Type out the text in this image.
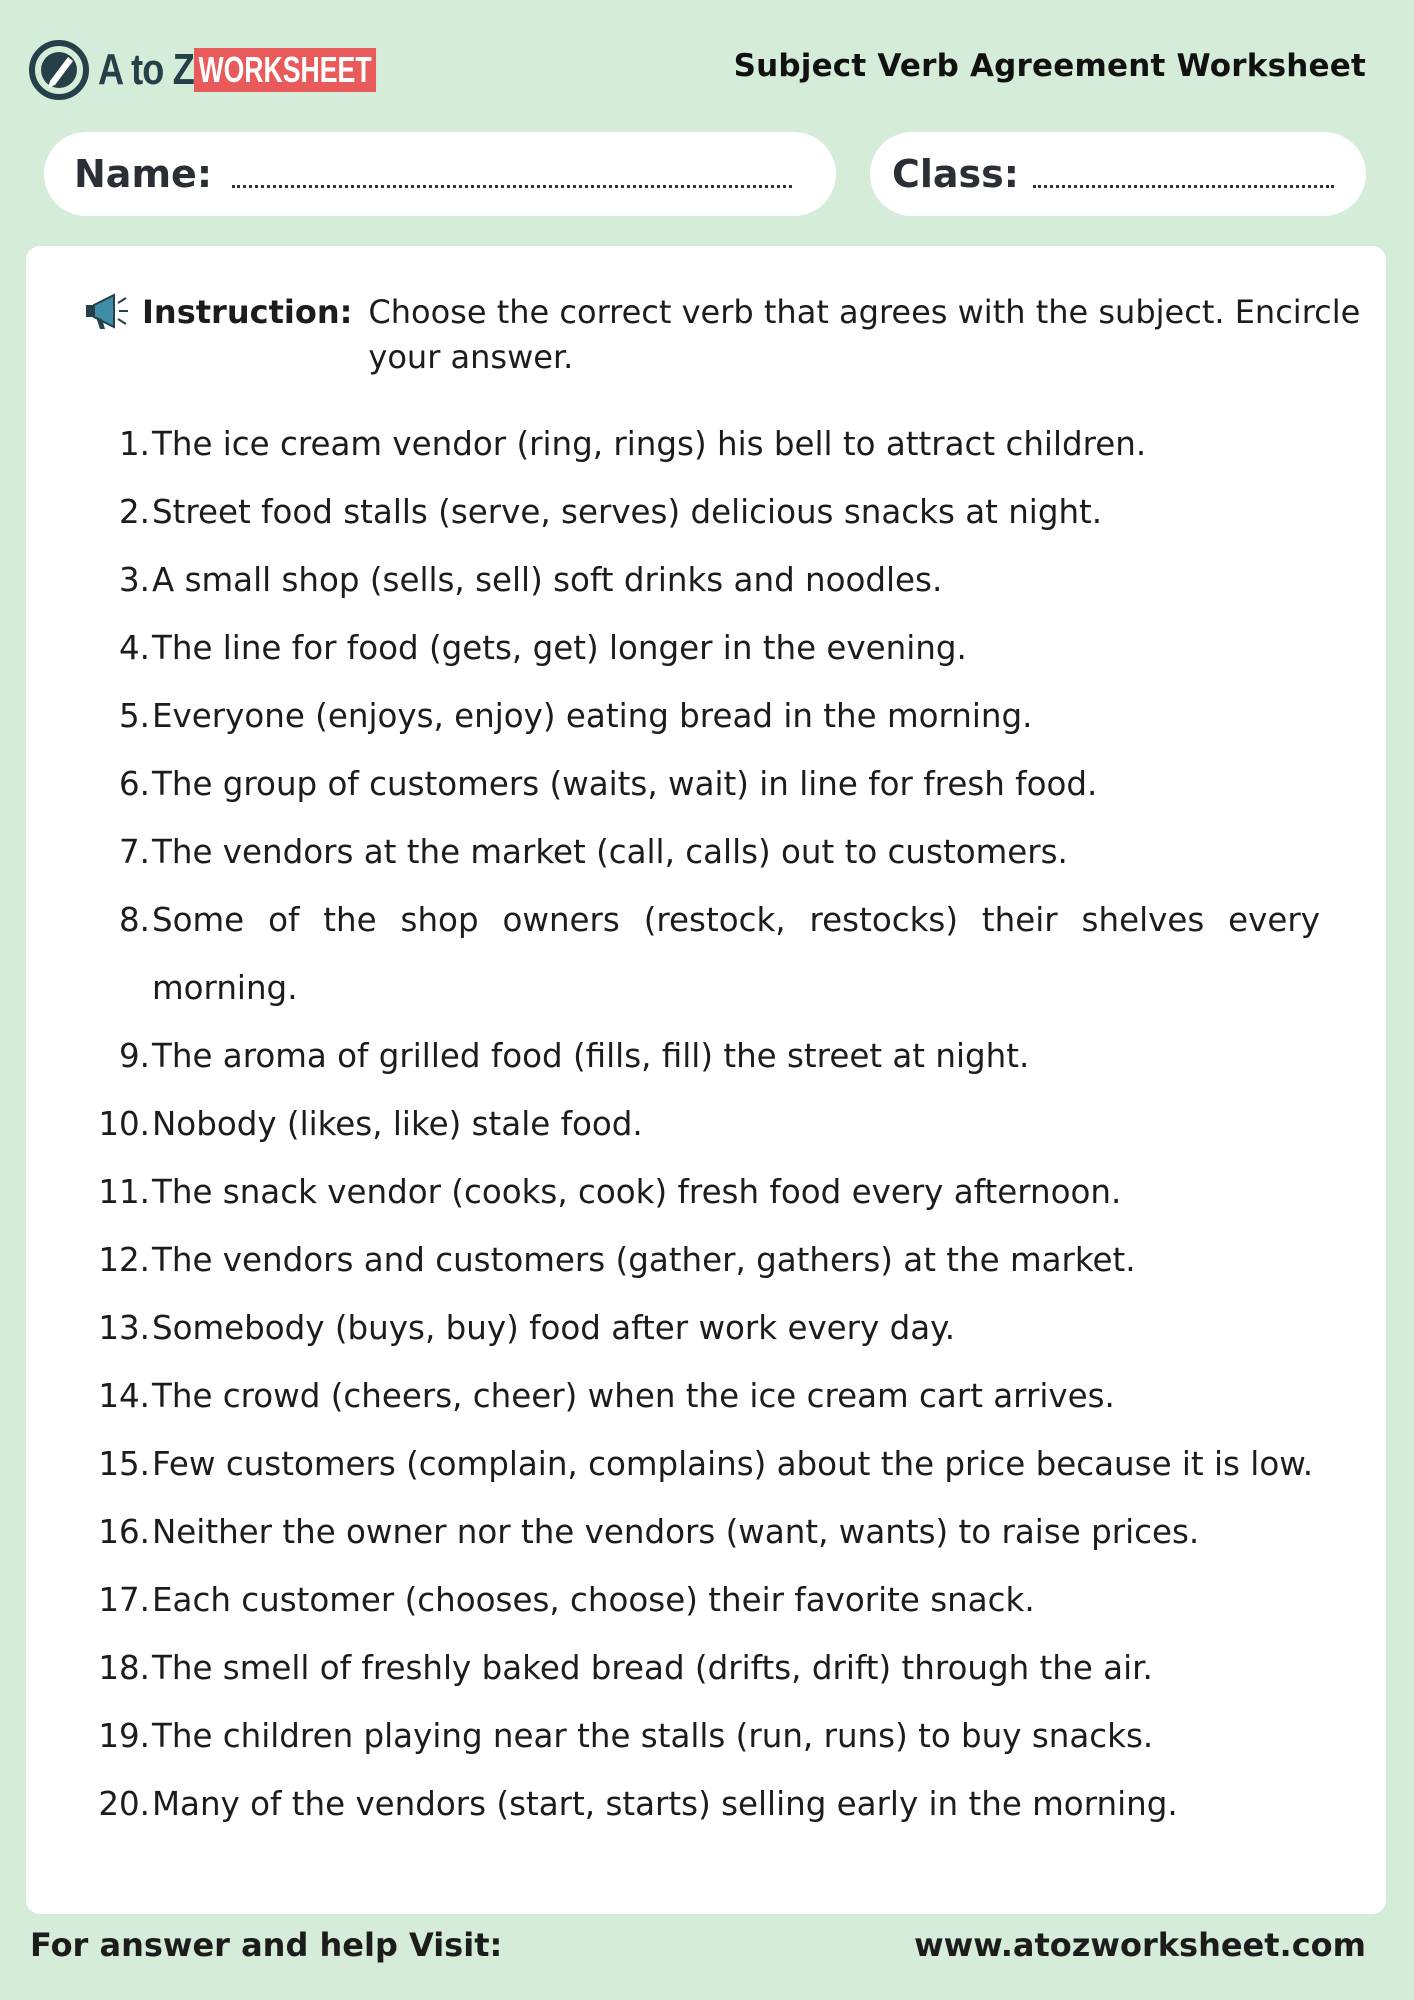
A to Z WORKSHEET	Subject Verb Agreement Worksheet
Name:	Class:
Instruction: Choose the correct verb that agrees with the subject. Encircle your answer.
1. The ice cream vendor (ring, rings) his bell to attract children.
2. Street food stalls (serve, serves) delicious snacks at night.
3. A small shop (sells, sell) soft drinks and noodles.
4. The line for food (gets, get) longer in the evening.
5. Everyone (enjoys, enjoy) eating bread in the morning.
6. The group of customers (waits, wait) in line for fresh food.
7. The vendors at the market (call, calls) out to customers.
8. Some of the shop owners (restock, restocks) their shelves every morning.
9. The aroma of grilled food (fills, fill) the street at night.
10. Nobody (likes, like) stale food.
11. The snack vendor (cooks, cook) fresh food every afternoon.
12. The vendors and customers (gather, gathers) at the market.
13. Somebody (buys, buy) food after work every day.
14. The crowd (cheers, cheer) when the ice cream cart arrives.
15. Few customers (complain, complains) about the price because it is low.
16. Neither the owner nor the vendors (want, wants) to raise prices.
17. Each customer (chooses, choose) their favorite snack.
18. The smell of freshly baked bread (drifts, drift) through the air.
19. The children playing near the stalls (run, runs) to buy snacks.
20. Many of the vendors (start, starts) selling early in the morning.
For answer and help Visit:	www.atozworksheet.com
